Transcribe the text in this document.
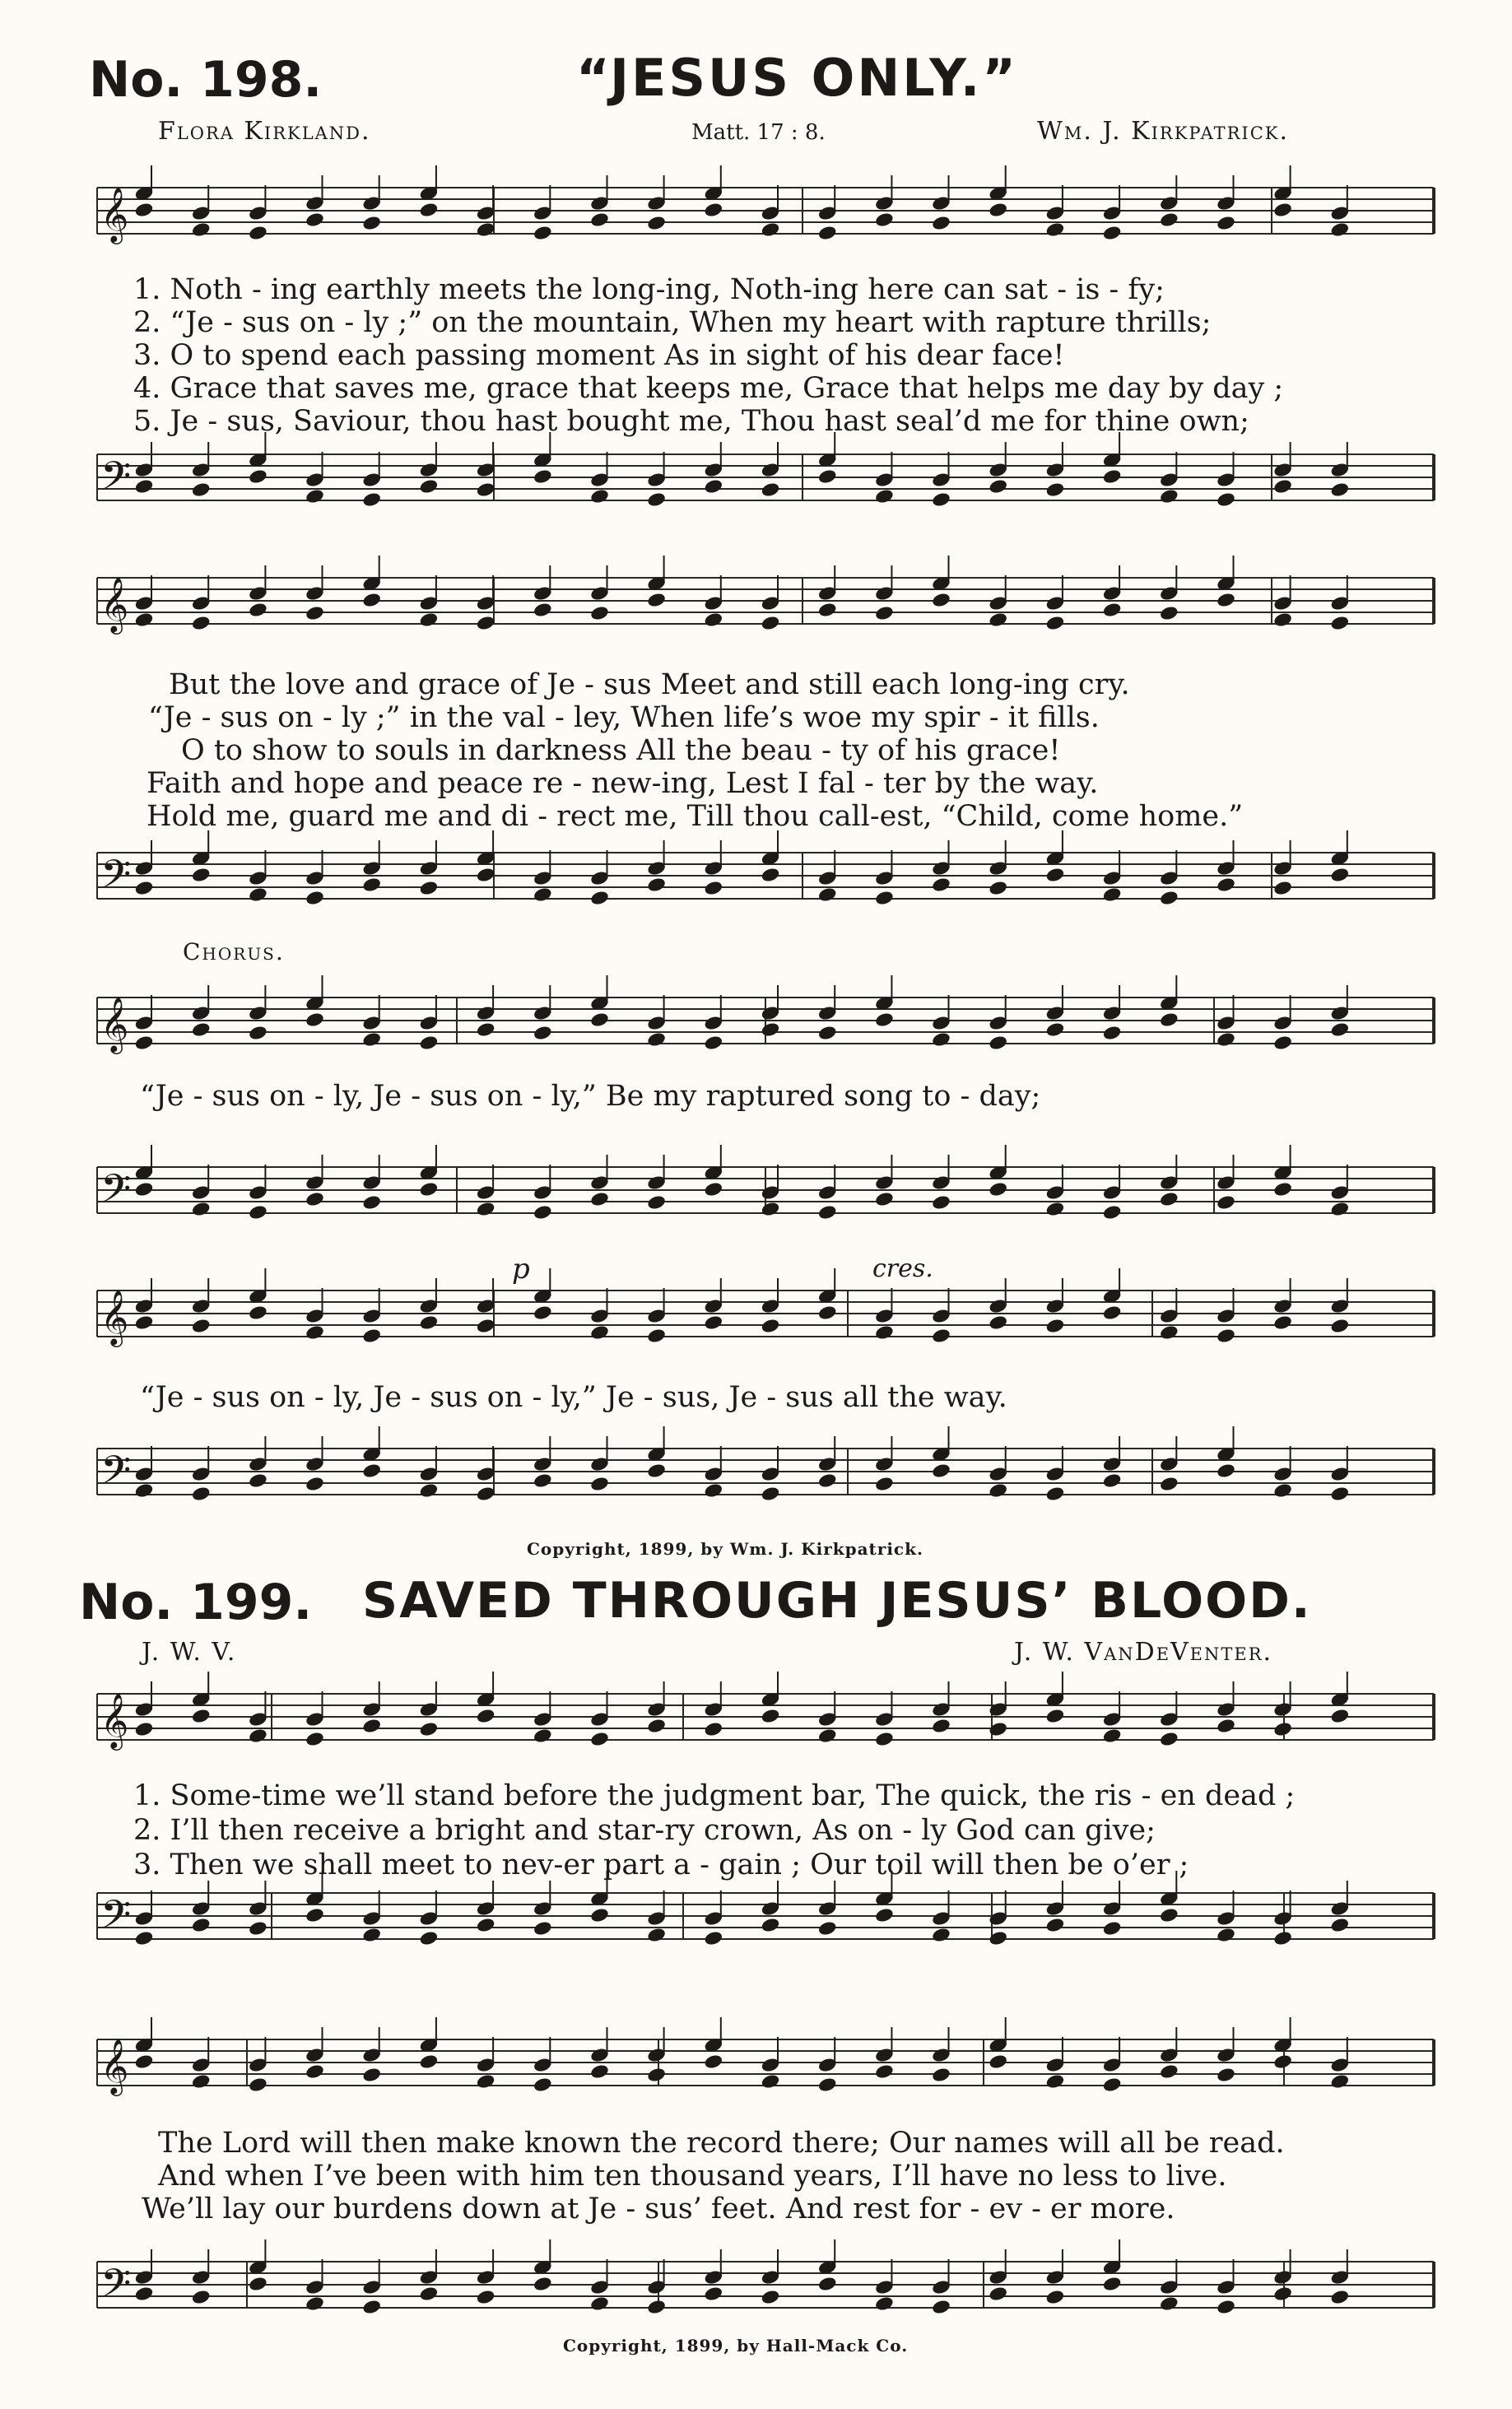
No. 198.	“JESUS ONLY.”
Flora Kirkland.	Matt. 17 : 8.	Wm. J. Kirkpatrick.
𝄞
𝄢
𝄞
𝄢
𝄞
𝄢
𝄞
𝄢
𝄞
𝄢
𝄞
𝄢
1. Noth - ing earthly meets the long-ing, Noth-ing here can sat - is - fy;
2. “Je - sus on - ly ;” on the mountain, When my heart with rapture thrills;
3. O to spend each passing moment As in sight of his dear face!
4. Grace that saves me, grace that keeps me, Grace that helps me day by day ;
5. Je - sus, Saviour, thou hast bought me, Thou hast seal’d me for thine own;
But the love and grace of Je - sus Meet and still each long-ing cry.
“Je - sus on - ly ;” in the val - ley, When life’s woe my spir - it fills.
O to show to souls in darkness All the beau - ty of his grace!
Faith and hope and peace re - new-ing, Lest I fal - ter by the way.
Hold me, guard me and di - rect me, Till thou call-est, “Child, come home.”
Chorus.
“Je - sus on - ly, Je - sus on - ly,” Be my raptured song to - day;
p	cres.
“Je - sus on - ly, Je - sus on - ly,” Je - sus, Je - sus all the way.
Copyright, 1899, by Wm. J. Kirkpatrick.
No. 199. SAVED THROUGH JESUS’ BLOOD.
J. W. V.	J. W. VanDeVenter.
1. Some-time we’ll stand before the judgment bar, The quick, the ris - en dead ;
2. I’ll then receive a bright and star-ry crown, As on - ly God can give;
3. Then we shall meet to nev-er part a - gain ; Our toil will then be o’er ;
The Lord will then make known the record there; Our names will all be read.
And when I’ve been with him ten thousand years, I’ll have no less to live.
We’ll lay our burdens down at Je - sus’ feet. And rest for - ev - er more.
Copyright, 1899, by Hall-Mack Co.
